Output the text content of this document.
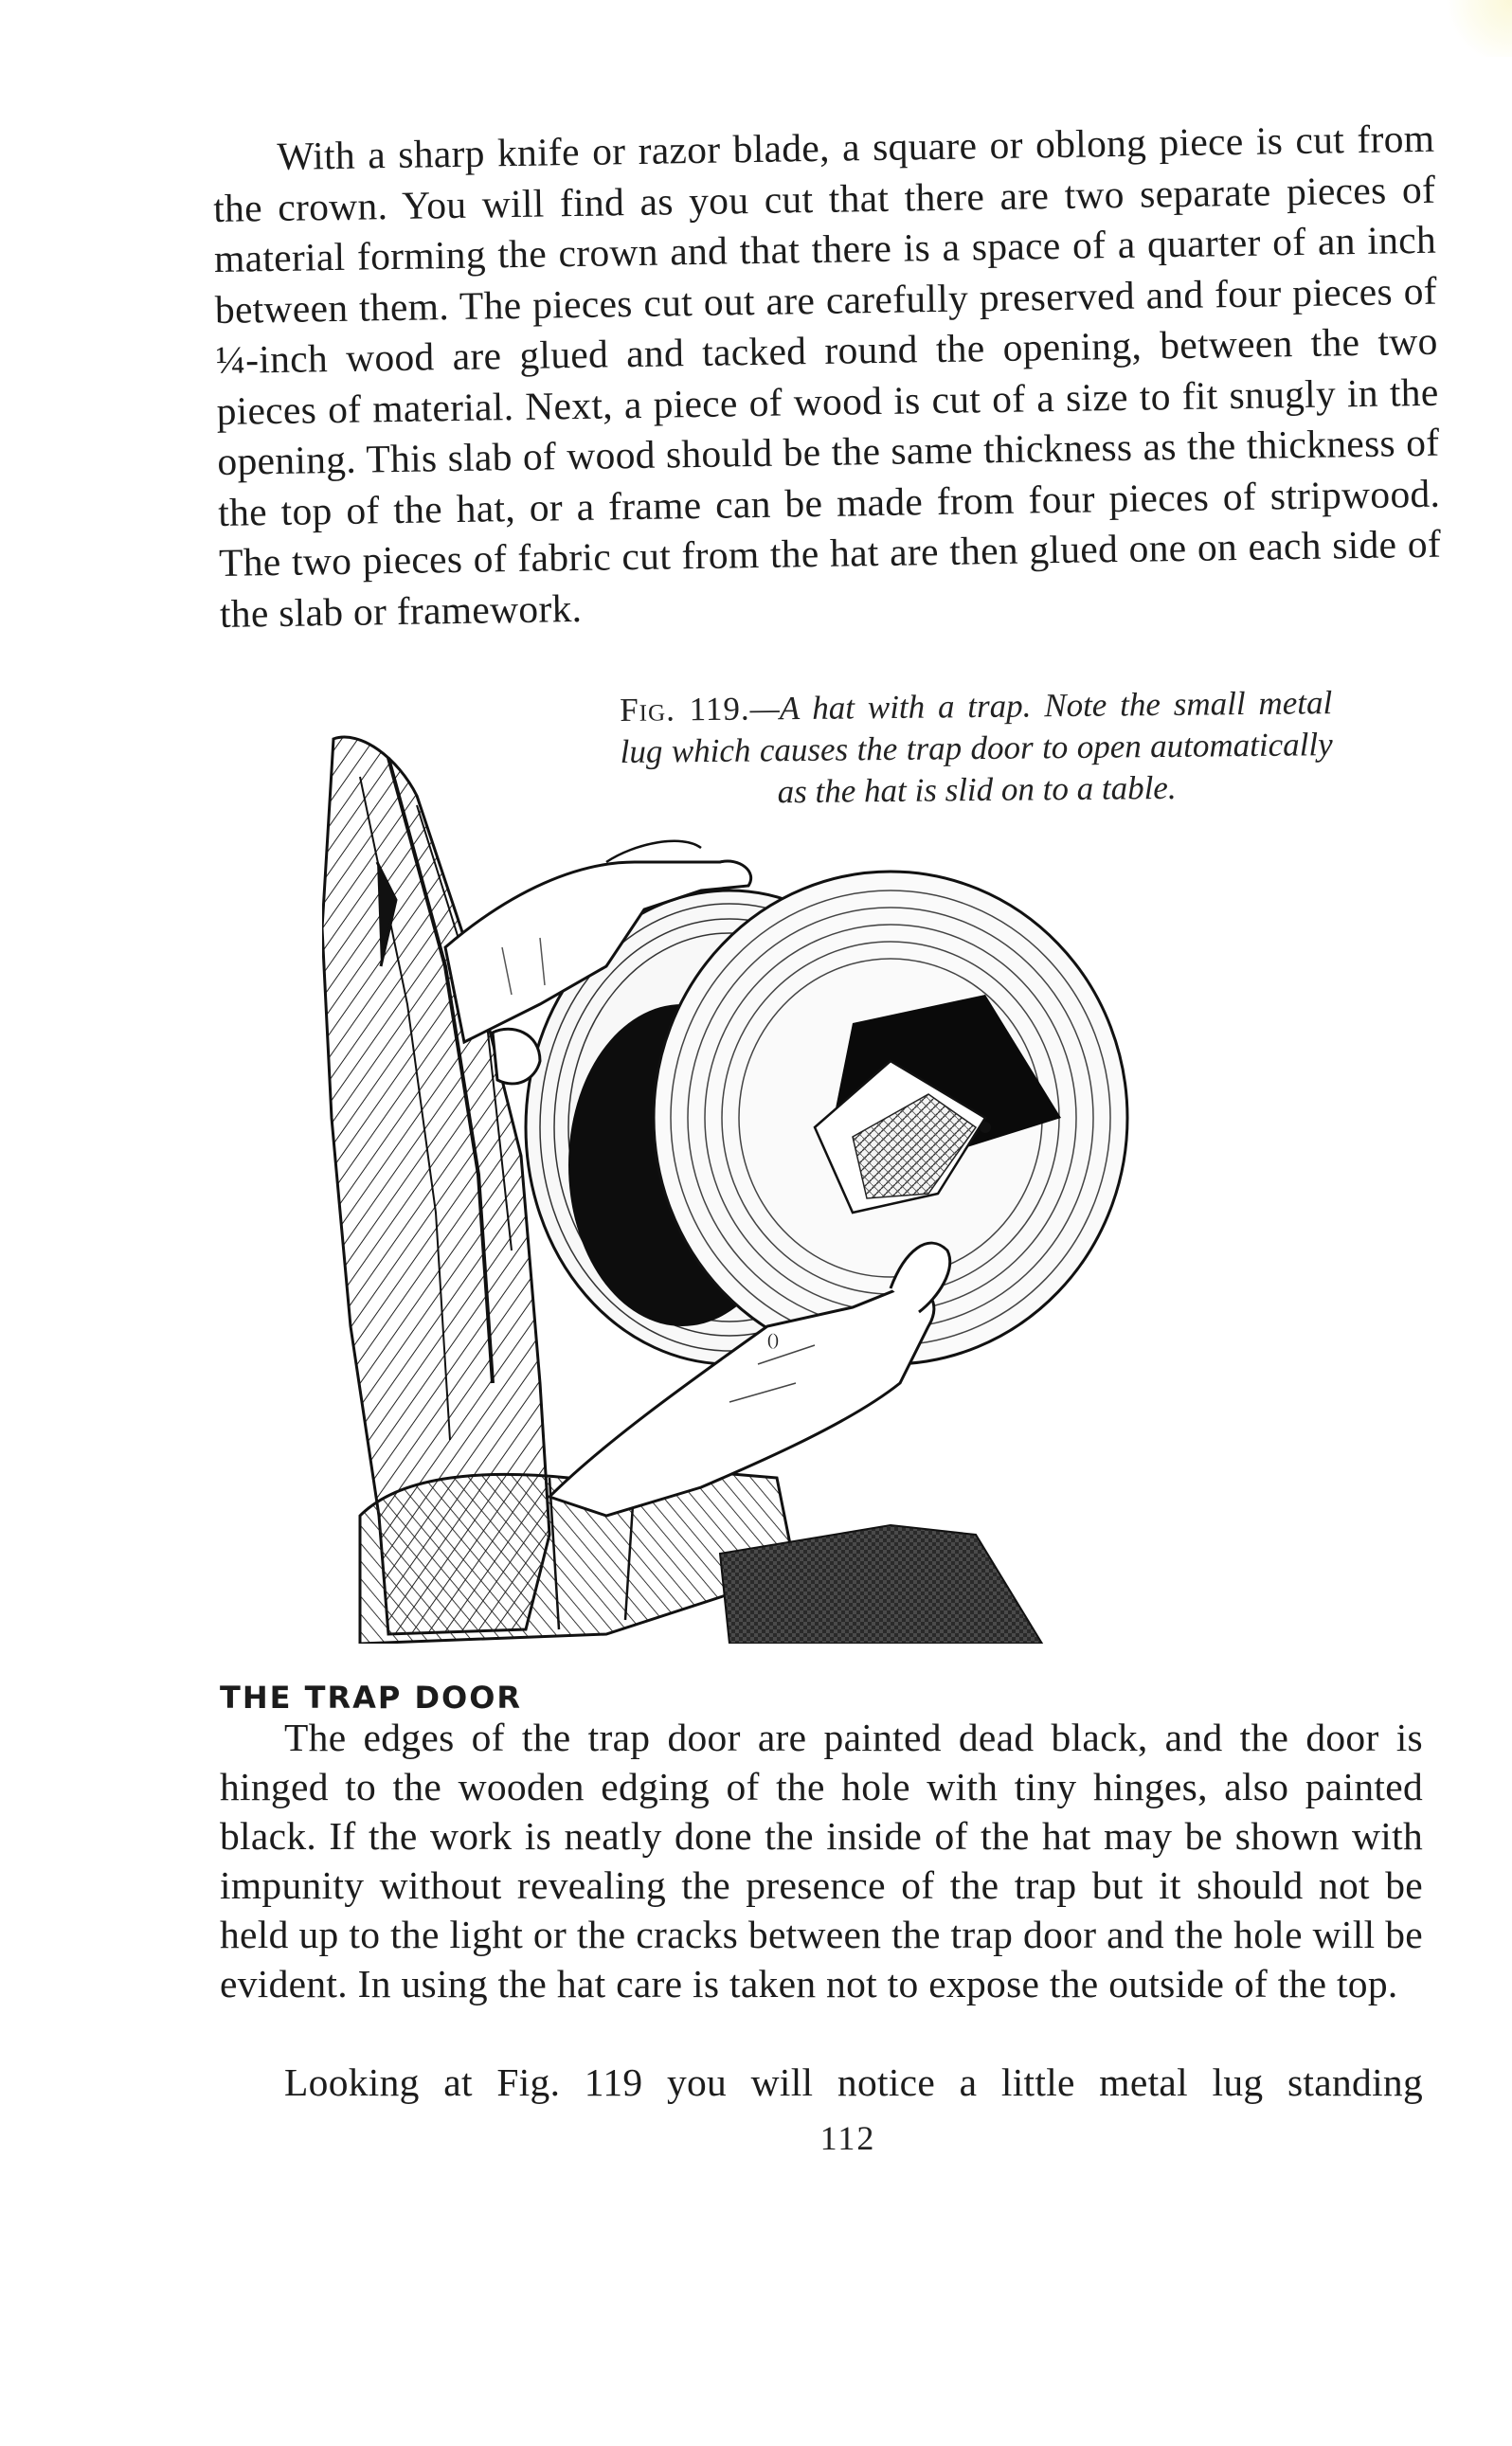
With a sharp knife or razor blade, a square or oblong piece is cut from the crown. You will find as you cut that there are two separate pieces of material forming the crown and that there is a space of a quarter of an inch between them. The pieces cut out are carefully preserved and four pieces of ¼-inch wood are glued and tacked round the opening, between the two pieces of material. Next, a piece of wood is cut of a size to fit snugly in the opening. This slab of wood should be the same thickness as the thickness of the top of the hat, or a frame can be made from four pieces of stripwood. The two pieces of fabric cut from the hat are then glued one on each side of the slab or framework.

Fig. 119.—A hat with a trap. Note the small metal lug which causes the trap door to open automatically as the hat is slid on to a table.
()
THE TRAP DOOR

The edges of the trap door are painted dead black, and the door is hinged to the wooden edging of the hole with tiny hinges, also painted black. If the work is neatly done the inside of the hat may be shown with impunity without revealing the presence of the trap but it should not be held up to the light or the cracks between the trap door and the hole will be evident. In using the hat care is taken not to expose the outside of the top.

Looking at Fig. 119 you will notice a little metal lug standing

112
